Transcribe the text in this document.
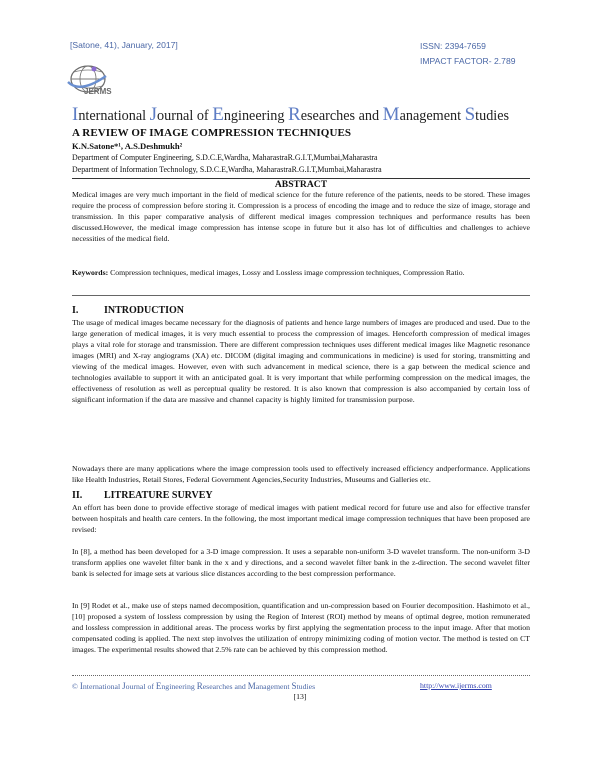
[Satone, 41), January, 2017]	ISSN: 2394-7659
IMPACT FACTOR- 2.789
JERMS
International Journal of Engineering Researches and Management Studies
A REVIEW OF IMAGE COMPRESSION TECHNIQUES
K.N.Satone*¹, A.S.Deshmukh²
Department of Computer Engineering, S.D.C.E,Wardha, MaharastraR.G.I.T,Mumbai,Maharastra
Department of Information Technology, S.D.C.E,Wardha, MaharastraR.G.I.T,Mumbai,Maharastra
ABSTRACT

Medical images are very much important in the field of medical science for the future reference of the patients, needs to be stored. These images require the process of compression before storing it. Compression is a process of encoding the image and to reduce the size of image, storage and transmission. In this paper comparative analysis of different medical images compression techniques and performance results has been discussed.However, the medical image compression has intense scope in future but it also has lot of difficulties and challenges to achieve necessities of the medical field.

Keywords: Compression techniques, medical images, Lossy and Lossless image compression techniques, Compression Ratio.

I.	INTRODUCTION

The usage of medical images became necessary for the diagnosis of patients and hence large numbers of images are produced and used. Due to the large generation of medical images, it is very much essential to process the compression of images. Henceforth compression of medical images plays a vital role for storage and transmission. There are different compression techniques uses different medical images like Magnetic resonance images (MRI) and X-ray angiograms (XA) etc. DICOM (digital imaging and communications in medicine) is used for storing, transmitting and viewing of the medical images. However, even with such advancement in medical science, there is a gap between the medical science and technologies available to support it with an anticipated goal. It is very important that while performing compression on the medical images, the effectiveness of resolution as well as perceptual quality be restored. It is also known that compression is also accompanied by certain loss of significant information if the data are massive and channel capacity is highly limited for transmission purpose.

Nowadays there are many applications where the image compression tools used to effectively increased efficiency andperformance. Applications like Health Industries, Retail Stores, Federal Government Agencies,Security Industries, Museums and Galleries etc.

II. LITREATURE SURVEY

An effort has been done to provide effective storage of medical images with patient medical record for future use and also for effective transfer between hospitals and health care centers. In the following, the most important medical image compression techniques that have been proposed are revised:

In [8], a method has been developed for a 3-D image compression. It uses a separable non-uniform 3-D wavelet transform. The non-uniform 3-D transform applies one wavelet filter bank in the x and y directions, and a second wavelet filter bank in the z-direction. The second wavelet filter bank is selected for image sets at various slice distances according to the best compression performance.

In [9] Rodet et al., make use of steps named decomposition, quantification and un-compression based on Fourier decomposition. Hashimoto et al., [10] proposed a system of lossless compression by using the Region of Interest (ROI) method by means of optimal degree, motion remunerated and lossless compression in additional areas. The process works by first applying the segmentation process to the input image. After that motion compensated coding is applied. The next step involves the utilization of entropy minimizing coding of motion vector. The method is tested on CT images. The experimental results showed that 2.5% rate can be achieved by this compression method.

© International Journal of Engineering Researches and Management Studies	http://www.ijerms.com
[13]
